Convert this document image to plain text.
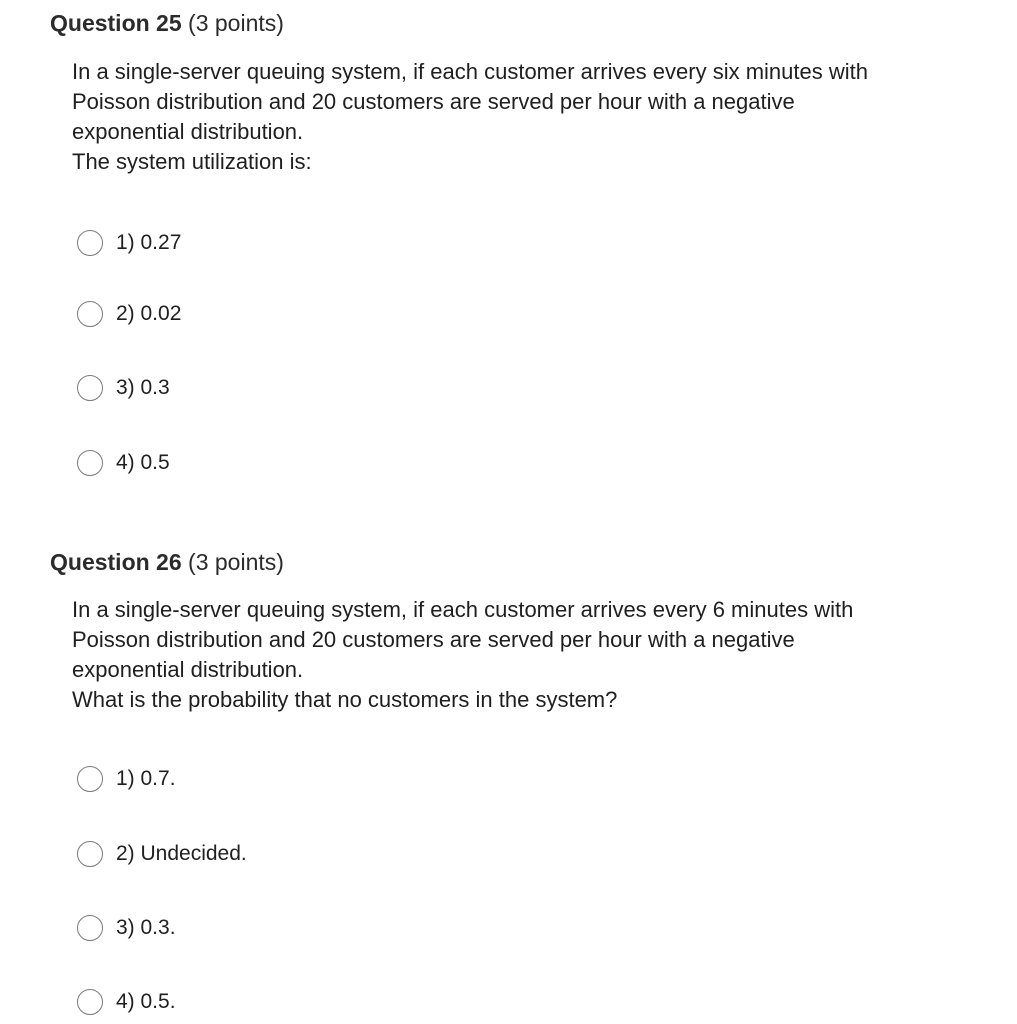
Question 25 (3 points)

In a single-server queuing system, if each customer arrives every six minutes with

Poisson distribution and 20 customers are served per hour with a negative

exponential distribution.

The system utilization is:

1) 0.27
2) 0.02
3) 0.3
4) 0.5
Question 26 (3 points)

In a single-server queuing system, if each customer arrives every 6 minutes with

Poisson distribution and 20 customers are served per hour with a negative

exponential distribution.

What is the probability that no customers in the system?

1) 0.7.
2) Undecided.
3) 0.3.
4) 0.5.
